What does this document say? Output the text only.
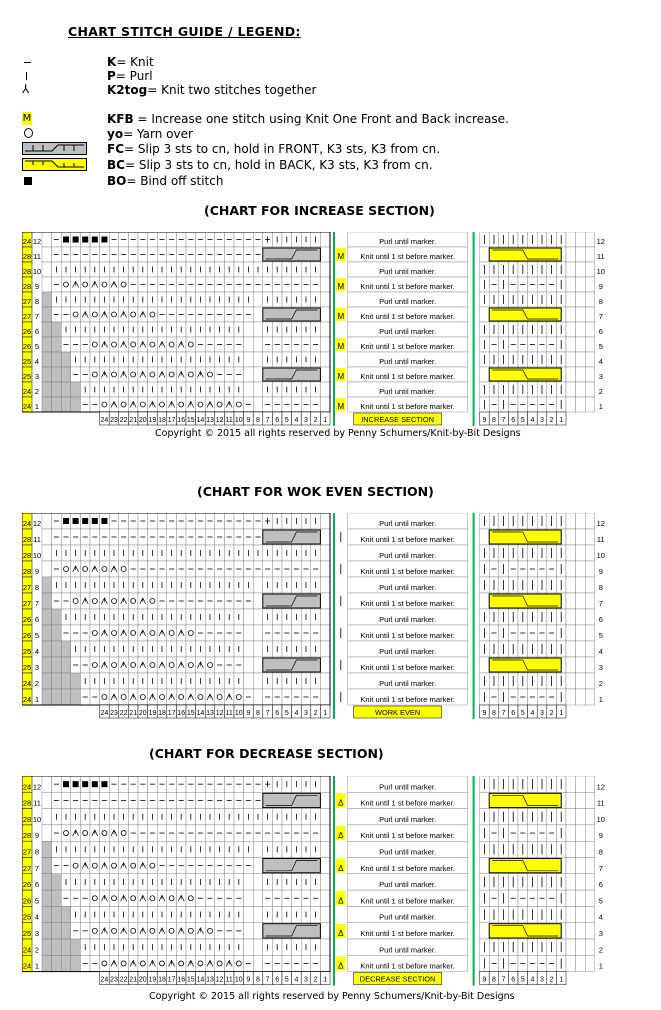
CHART STITCH GUIDE / LEGEND:
K= Knit
P= Purl
⅄	K2tog= Knit two stitches together
M	KFB = Increase one stitch using Knit One Front and Back increase.
yo= Yarn over
FC= Slip 3 sts to cn, hold in FRONT, K3 sts, K3 from cn.
BC= Slip 3 sts to cn, hold in BACK, K3 sts, K3 from cn.
BO= Bind off stitch
(CHART FOR INCREASE SECTION)
24 12	Purl until marker.	12
28 11	M Knit until 1 st before marker.	11
28 10	Purl until marker.	10
28 9	M Knit until 1 st before marker.	9
27 8	Purl until marker.	8
27 7	M Knit until 1 st before marker.	7
26 6	Purl until marker.	6
26 5	M Knit until 1 st before marker.	5
25 4	Purl until marker.	4
25 3	M Knit until 1 st before marker.	3
24 2	Purl until marker.	2
24 1	M Knit until 1 st before marker.	1
24 23 22 21 20 19 18 17 16 15 14 13 12 11 10 9 8 7 6 5 4 3 2 1	INCREASE SECTION	9 8 7 6 5 4 3 2 1
Copyright © 2015 all rights reserved by Penny Schumers/Knit-by-Bit Designs
(CHART FOR WOK EVEN SECTION)
24 12	Purl until marker.	12
28 11	Knit until 1 st before marker.	11
28 10	Purl until marker.	10
28 9	Knit until 1 st before marker.	9
27 8	Purl until marker.	8
27 7	Knit until 1 st before marker.	7
26 6	Purl until marker.	6
26 5	Knit until 1 st before marker.	5
25 4	Purl until marker.	4
25 3	Knit until 1 st before marker.	3
24 2	Purl until marker.	2
24 1	Knit until 1 st before marker.	1
24 23 22 21 20 19 18 17 16 15 14 13 12 11 10 9 8 7 6 5 4 3 2 1	WORK EVEN	9 8 7 6 5 4 3 2 1
(CHART FOR DECREASE SECTION)
24 12	Purl until marker.	12
28 11	Δ Knit until 1 st before marker.	11
28 10	Purl until marker.	10
28 9	Δ Knit until 1 st before marker.	9
27 8	Purl until marker.	8
27 7	Δ Knit until 1 st before marker.	7
26 6	Purl until marker.	6
26 5	Δ Knit until 1 st before marker.	5
25 4	Purl until marker.	4
25 3	Δ Knit until 1 st before marker.	3
24 2	Purl until marker.	2
24 1	Δ Knit until 1 st before marker.	1
24 23 22 21 20 19 18 17 16 15 14 13 12 11 10 9 8 7 6 5 4 3 2 1	DECREASE SECTION	9 8 7 6 5 4 3 2 1
Copyright © 2015 all rights reserved by Penny Schumers/Knit-by-Bit Designs
